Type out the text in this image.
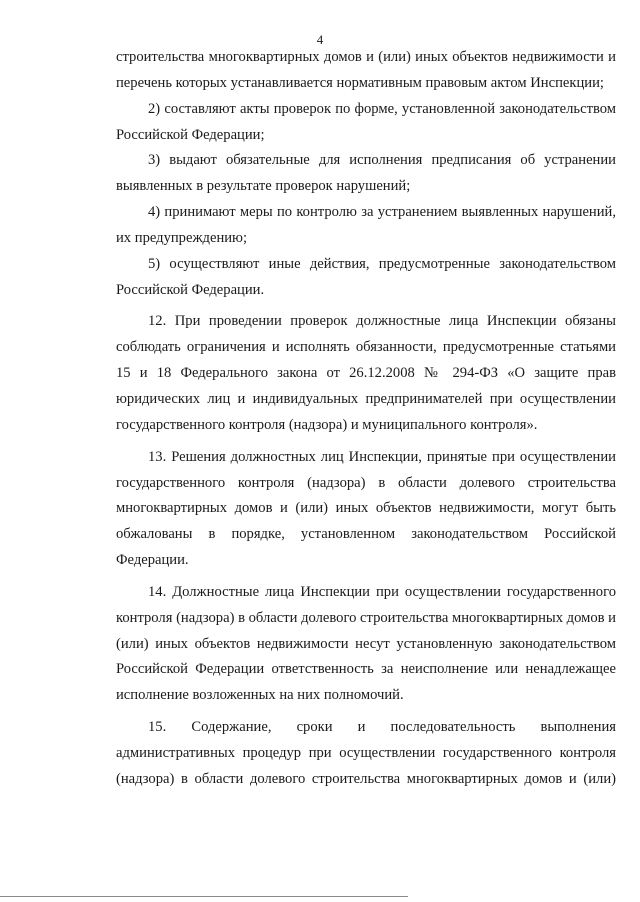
4

строительства многоквартирных домов и (или) иных объектов недвижимости и перечень которых устанавливается нормативным правовым актом Инспекции;

2) составляют акты проверок по форме, установленной законодательством Российской Федерации;

3) выдают обязательные для исполнения предписания об устранении выявленных в результате проверок нарушений;

4) принимают меры по контролю за устранением выявленных нарушений, их предупреждению;

5) осуществляют иные действия, предусмотренные законодательством Российской Федерации.

12. При проведении проверок должностные лица Инспекции обязаны соблюдать ограничения и исполнять обязанности, предусмотренные статьями 15 и 18 Федерального закона от 26.12.2008 № 294-ФЗ «О защите прав юридических лиц и индивидуальных предпринимателей при осуществлении государственного контроля (надзора) и муниципального контроля».

13. Решения должностных лиц Инспекции, принятые при осуществлении государственного контроля (надзора) в области долевого строительства многоквартирных домов и (или) иных объектов недвижимости, могут быть обжалованы в порядке, установленном законодательством Российской Федерации.

14. Должностные лица Инспекции при осуществлении государственного контроля (надзора) в области долевого строительства многоквартирных домов и (или) иных объектов недвижимости несут установленную законодательством Российской Федерации ответственность за неисполнение или ненадлежащее исполнение возложенных на них полномочий.

15. Содержание, сроки и последовательность выполнения административных процедур при осуществлении государственного контроля (надзора) в области долевого строительства многоквартирных домов и (или)
